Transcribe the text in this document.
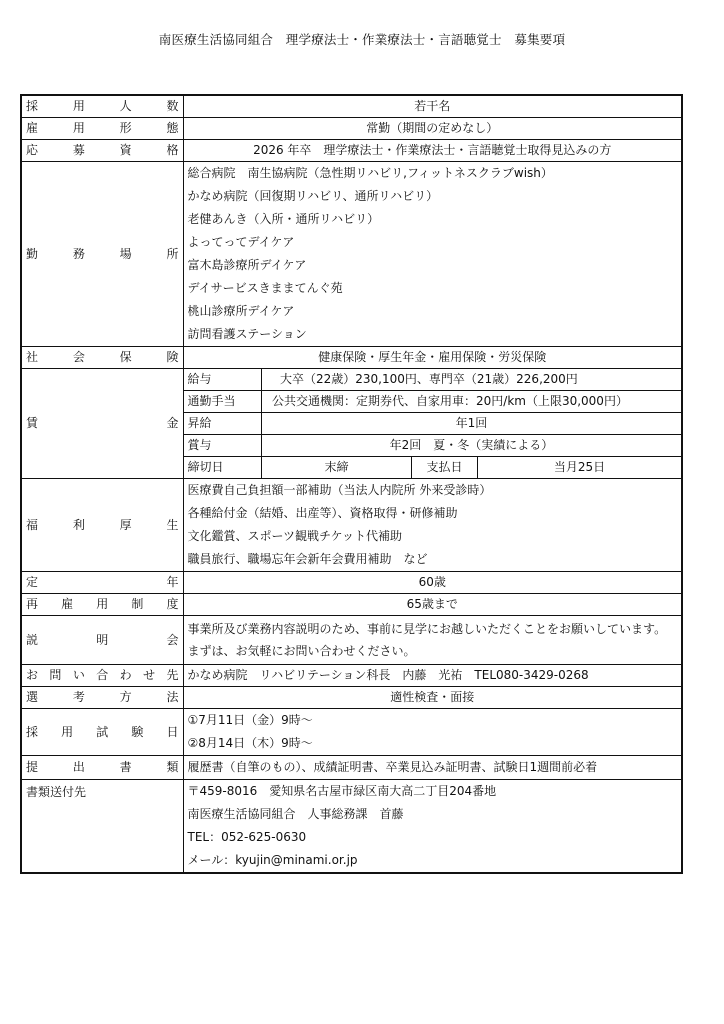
南医療生活協同組合　理学療法士・作業療法士・言語聴覚士　募集要項
採用人数	若干名
雇用形態	常勤（期間の定めなし）
応募資格	2026 年卒　理学療法士・作業療法士・言語聴覚士取得見込みの方
勤務場所	
総合病院　南生協病院（急性期リハビリ,フィットネスクラブwish）
かなめ病院（回復期リハビリ、通所リハビリ）
老健あんき（入所・通所リハビリ）
よってってデイケア
富木島診療所デイケア
デイサービスきままてんぐ苑
桃山診療所デイケア
訪問看護ステーション

社会保険	健康保険・厚生年金・雇用保険・労災保険
賃金	
給与	大卒（22歳）230,100円、専門卒（21歳）226,200円
通勤手当	公共交通機関：定期券代、自家用車：20円/km（上限30,000円）
昇給	年1回
賞与	年2回　夏・冬（実績による）
締切日	末締	支払日	当月25日

福利厚生	
医療費自己負担額一部補助（当法人内院所 外来受診時）
各種給付金（結婚、出産等）、資格取得・研修補助
文化鑑賞、スポーツ観戦チケット代補助
職員旅行、職場忘年会新年会費用補助　など

定年	60歳
再雇用制度	65歳まで
説明会	
事業所及び業務内容説明のため、事前に見学にお越しいただくことをお願いしています。まずは、お気軽にお問い合わせください。

お問い合わせ先	かなめ病院　リハビリテーション科長　内藤　光祐　TEL080-3429-0268
選考方法	適性検査・面接
採用試験日	
①7月11日（金）9時〜
②8月14日（木）9時〜

提出書類	履歴書（自筆のもの）、成績証明書、卒業見込み証明書、試験日1週間前必着
書類送付先	〒459-8016　愛知県名古屋市緑区南大高二丁目204番地
南医療生活協同組合　人事総務課　首藤
TEL：052-625-0630
メール：kyujin@minami.or.jp
